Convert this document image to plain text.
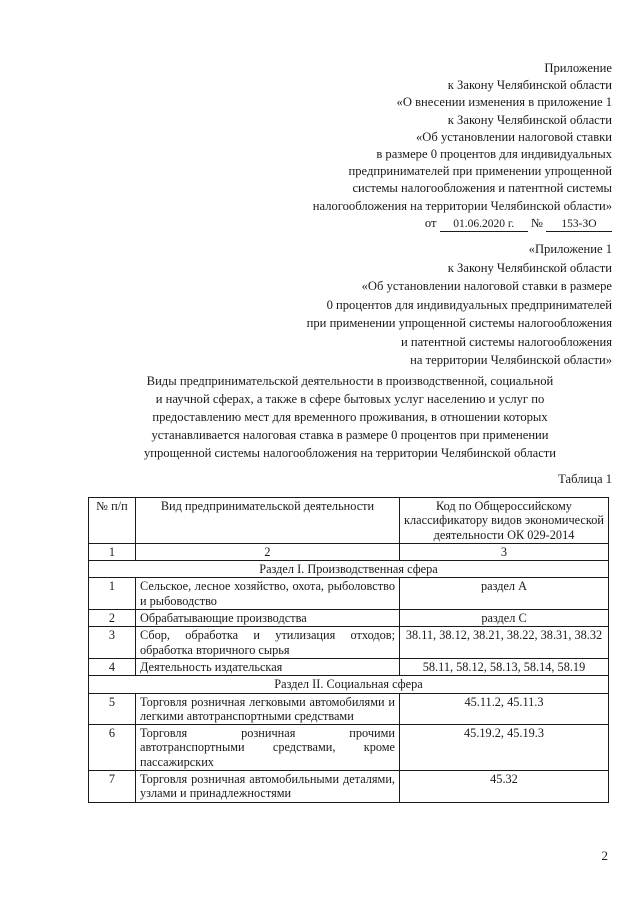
Приложение
к Закону Челябинской области
«О внесении изменения в приложение 1
к Закону Челябинской области
«Об установлении налоговой ставки
в размере 0 процентов для индивидуальных
предпринимателей при применении упрощенной
системы налогообложения и патентной системы
налогообложения на территории Челябинской области»
от 01.06.2020 г. № 153-ЗО
«Приложение 1
к Закону Челябинской области
«Об установлении налоговой ставки в размере
0 процентов для индивидуальных предпринимателей
при применении упрощенной системы налогообложения
и патентной системы налогообложения
на территории Челябинской области»
Виды предпринимательской деятельности в производственной, социальной
и научной сферах, а также в сфере бытовых услуг населению и услуг по
предоставлению мест для временного проживания, в отношении которых
устанавливается налоговая ставка в размере 0 процентов при применении
упрощенной системы налогообложения на территории Челябинской области
Таблица 1
№ п/п	Вид предпринимательской деятельности	Код по Общероссийскому классификатору видов экономической деятельности ОК 029-2014
1	2	3
Раздел I. Производственная сфера		
1	Сельское, лесное хозяйство, охота, рыболовство и рыбоводство	раздел A
2	Обрабатывающие производства	раздел C
3	Сбор, обработка и утилизация отходов; обработка вторичного сырья	38.11, 38.12, 38.21, 38.22, 38.31, 38.32
4	Деятельность издательская	58.11, 58.12, 58.13, 58.14, 58.19
Раздел II. Социальная сфера		
5	Торговля розничная легковыми автомобилями и легкими автотранспортными средствами	45.11.2, 45.11.3
6	Торговля розничная прочими автотранспортными средствами, кроме пассажирских	45.19.2, 45.19.3
7	Торговля розничная автомобильными деталями, узлами и принадлежностями	45.32
2
